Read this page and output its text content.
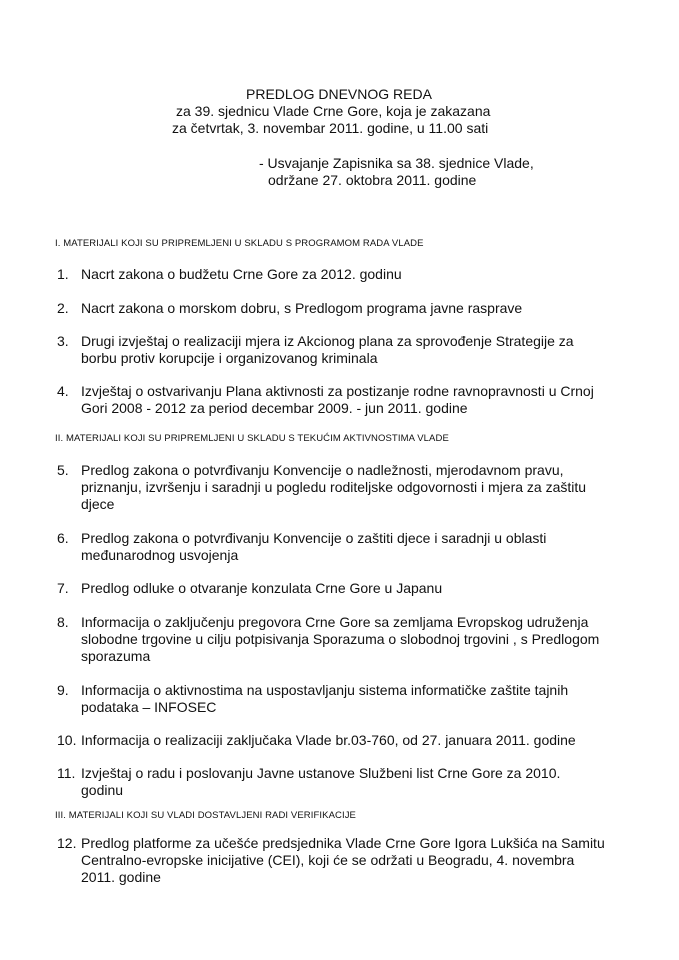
PREDLOG DNEVNOG REDA
za 39. sjednicu Vlade Crne Gore, koja je zakazana
za četvrtak, 3. novembar 2011. godine, u 11.00 sati
- Usvajanje Zapisnika sa 38. sjednice Vlade,
održane 27. oktobra 2011. godine
I. MATERIJALI KOJI SU PRIPREMLJENI U SKLADU S PROGRAMOM RADA VLADE
1. Nacrt zakona o budžetu Crne Gore za 2012. godinu
2. Nacrt zakona o morskom dobru, s Predlogom programa javne rasprave
3. Drugi izvještaj o realizaciji mjera iz Akcionog plana za sprovođenje Strategije za
borbu protiv korupcije i organizovanog kriminala
4. Izvještaj o ostvarivanju Plana aktivnosti za postizanje rodne ravnopravnosti u Crnoj
Gori 2008 - 2012 za period decembar 2009. - jun 2011. godine
II. MATERIJALI KOJI SU PRIPREMLJENI U SKLADU S TEKUĆIM AKTIVNOSTIMA VLADE
5. Predlog zakona o potvrđivanju Konvencije o nadležnosti, mjerodavnom pravu,
priznanju, izvršenju i saradnji u pogledu roditeljske odgovornosti i mjera za zaštitu
djece
6. Predlog zakona o potvrđivanju Konvencije o zaštiti djece i saradnji u oblasti
međunarodnog usvojenja
7. Predlog odluke o otvaranje konzulata Crne Gore u Japanu
8. Informacija o zaključenju pregovora Crne Gore sa zemljama Evropskog udruženja
slobodne trgovine u cilju potpisivanja Sporazuma o slobodnoj trgovini , s Predlogom
sporazuma
9. Informacija o aktivnostima na uspostavljanju sistema informatičke zaštite tajnih
podataka – INFOSEC
10. Informacija o realizaciji zaključaka Vlade br.03-760, od 27. januara 2011. godine
11. Izvještaj o radu i poslovanju Javne ustanove Službeni list Crne Gore za 2010.
godinu
III. MATERIJALI KOJI SU VLADI DOSTAVLJENI RADI VERIFIKACIJE
12. Predlog platforme za učešće predsjednika Vlade Crne Gore Igora Lukšića na Samitu
Centralno-evropske inicijative (CEI), koji će se održati u Beogradu, 4. novembra
2011. godine
